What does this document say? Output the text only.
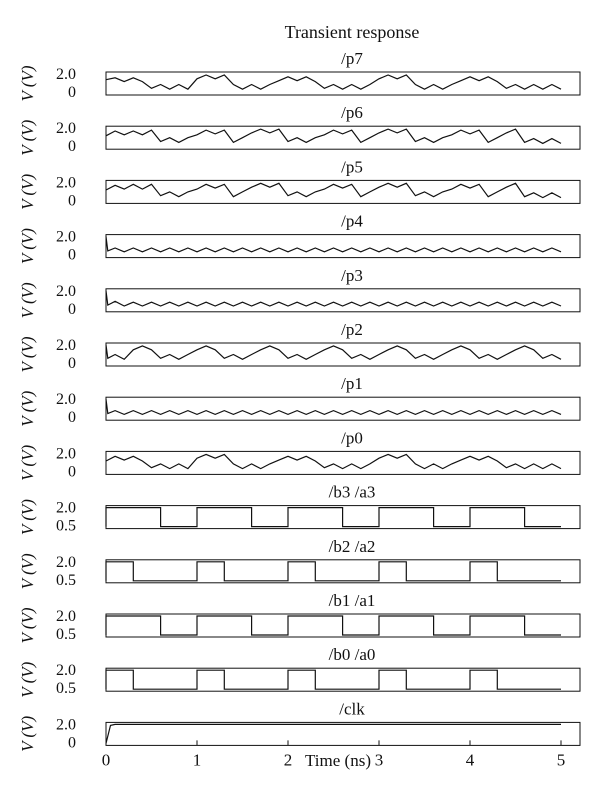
Transient response
/p7
2.0
0
V (V)
/p6
2.0
0
V (V)
/p5
2.0
0
V (V)
/p4
2.0
0
V (V)
/p3
2.0
0
V (V)
/p2
2.0
0
V (V)
/p1
2.0
0
V (V)
/p0
2.0
0
V (V)
/b3 /a3
2.0
0.5
V (V)
/b2 /a2
2.0
0.5
V (V)
/b1 /a1
2.0
0.5
V (V)
/b0 /a0
2.0
0.5
V (V)
/clk
2.0
0
V (V)
0	1	2	3	4	5
Time (ns)
